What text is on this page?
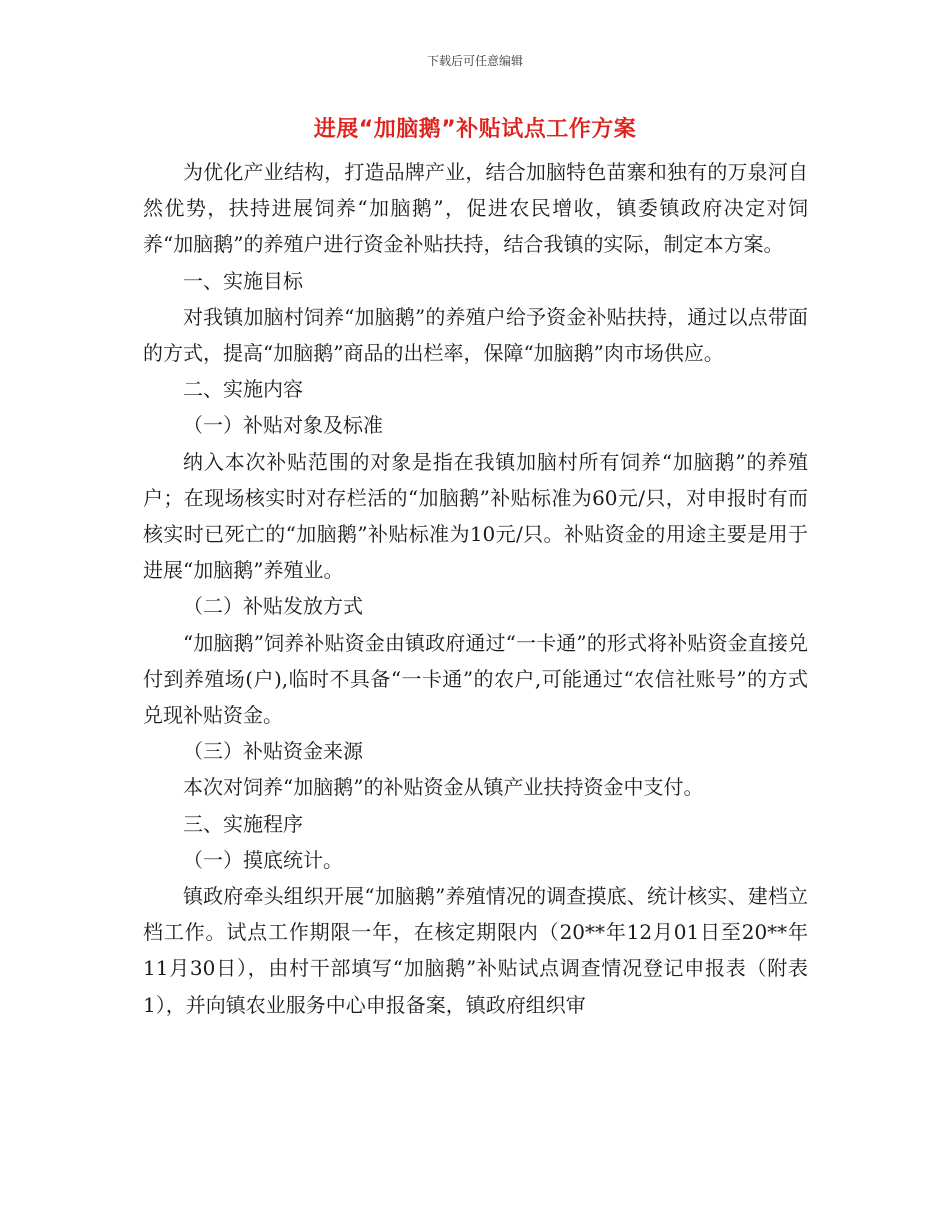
下载后可任意编辑
进展“加脑鹅”补贴试点工作方案

为优化产业结构，打造品牌产业，结合加脑特色苗寨和独有的万泉河自然优势，扶持进展饲养“加脑鹅”，促进农民增收，镇委镇政府决定对饲养“加脑鹅”的养殖户进行资金补贴扶持，结合我镇的实际，制定本方案。

一、实施目标

对我镇加脑村饲养“加脑鹅”的养殖户给予资金补贴扶持，通过以点带面的方式，提高“加脑鹅”商品的出栏率，保障“加脑鹅”肉市场供应。

二、实施内容

（一）补贴对象及标准

纳入本次补贴范围的对象是指在我镇加脑村所有饲养“加脑鹅”的养殖户；在现场核实时对存栏活的“加脑鹅”补贴标准为60元/只，对申报时有而核实时已死亡的“加脑鹅”补贴标准为10元/只。补贴资金的用途主要是用于进展“加脑鹅”养殖业。

（二）补贴发放方式

“加脑鹅”饲养补贴资金由镇政府通过“一卡通”的形式将补贴资金直接兑付到养殖场(户),临时不具备“一卡通”的农户,可能通过“农信社账号”的方式兑现补贴资金。

（三）补贴资金来源

本次对饲养“加脑鹅”的补贴资金从镇产业扶持资金中支付。

三、实施程序

（一）摸底统计。

镇政府牵头组织开展“加脑鹅”养殖情况的调查摸底、统计核实、建档立档工作。试点工作期限一年，在核定期限内（20**年12月01日至20**年11月30日），由村干部填写“加脑鹅”补贴试点调查情况登记申报表（附表1），并向镇农业服务中心申报备案，镇政府组织审
